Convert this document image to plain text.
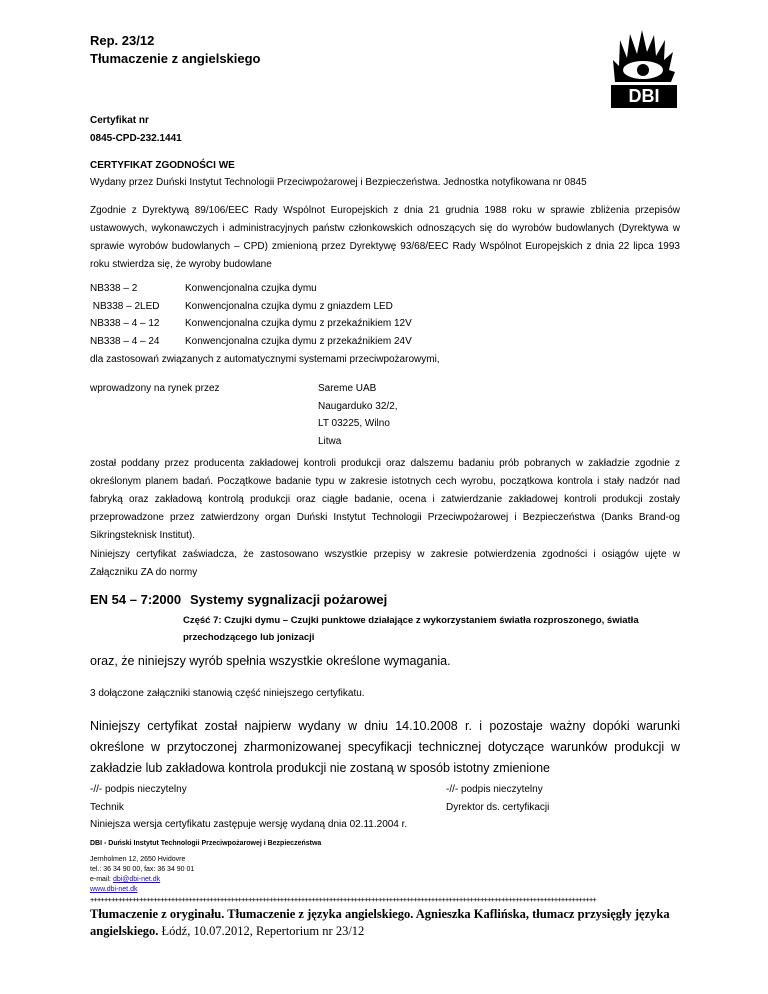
Rep. 23/12
Tłumaczenie z angielskiego
DBI
Certyfikat nr
0845-CPD-232.1441
CERTYFIKAT ZGODNOŚCI WE
Wydany przez Duński Instytut Technologii Przeciwpożarowej i Bezpieczeństwa. Jednostka notyfikowana nr 0845
Zgodnie z Dyrektywą 89/106/EEC Rady Wspólnot Europejskich z dnia 21 grudnia 1988 roku w sprawie zbliżenia przepisów ustawowych, wykonawczych i administracyjnych państw członkowskich odnoszących się do wyrobów budowlanych (Dyrektywa w sprawie wyrobów budowlanych – CPD) zmienioną przez Dyrektywę 93/68/EEC Rady Wspólnot Europejskich z dnia 22 lipca 1993 roku stwierdza się, że wyroby budowlane
NB338 – 2	Konwencjonalna czujka dymu
NB338 – 2LED	Konwencjonalna czujka dymu z gniazdem LED
NB338 – 4 – 12	Konwencjonalna czujka dymu z przekaźnikiem 12V
NB338 – 4 – 24	Konwencjonalna czujka dymu z przekaźnikiem 24V
dla zastosowań związanych z automatycznymi systemami przeciwpożarowymi,
wprowadzony na rynek przez	Sareme UAB
Naugarduko 32/2,
LT 03225, Wilno
Litwa
został poddany przez producenta zakładowej kontroli produkcji oraz dalszemu badaniu prób pobranych w zakładzie zgodnie z określonym planem badań. Początkowe badanie typu w zakresie istotnych cech wyrobu, początkowa kontrola i stały nadzór nad fabryką oraz zakładową kontrolą produkcji oraz ciągłe badanie, ocena i zatwierdzanie zakładowej kontroli produkcji zostały przeprowadzone przez zatwierdzony organ Duński Instytut Technologii Przeciwpożarowej i Bezpieczeństwa (Danks Brand-og Sikringsteknisk Institut).
Niniejszy certyfikat zaświadcza, że zastosowano wszystkie przepisy w zakresie potwierdzenia zgodności i osiągów ujęte w Załączniku ZA do normy
EN 54 – 7:2000 Systemy sygnalizacji pożarowej
Część 7: Czujki dymu – Czujki punktowe działające z wykorzystaniem światła rozproszonego, światła przechodzącego lub jonizacji
oraz, że niniejszy wyrób spełnia wszystkie określone wymagania.
3 dołączone załączniki stanowią część niniejszego certyfikatu.
Niniejszy certyfikat został najpierw wydany w dniu 14.10.2008 r. i pozostaje ważny dopóki warunki określone w przytoczonej zharmonizowanej specyfikacji technicznej dotyczące warunków produkcji w zakładzie lub zakładowa kontrola produkcji nie zostaną w sposób istotny zmienione
-//- podpis nieczytelny
Technik
Niniejsza wersja certyfikatu zastępuje wersję wydaną dnia 02.11.2004 r.
-//- podpis nieczytelny
Dyrektor ds. certyfikacji
DBI - Duński Instytut Technologii Przeciwpożarowej i Bezpieczeństwa
Jernholmen 12, 2650 Hvidovre
tel.: 36 34 90 00, fax: 36 34 90 01
e-mail: dbi@dbi-net.dk
www.dbi-net.dk
++++++++++++++++++++++++++++++++++++++++++++++++++++++++++++++++++++++++++++++++++++++++++++++++++++++++++++++++++++++++++++++++++++++++++++++++
Tłumaczenie z oryginału. Tłumaczenie z języka angielskiego. Agnieszka Kaflińska, tłumacz przysięgły języka angielskiego. Łódź, 10.07.2012, Repertorium nr 23/12
